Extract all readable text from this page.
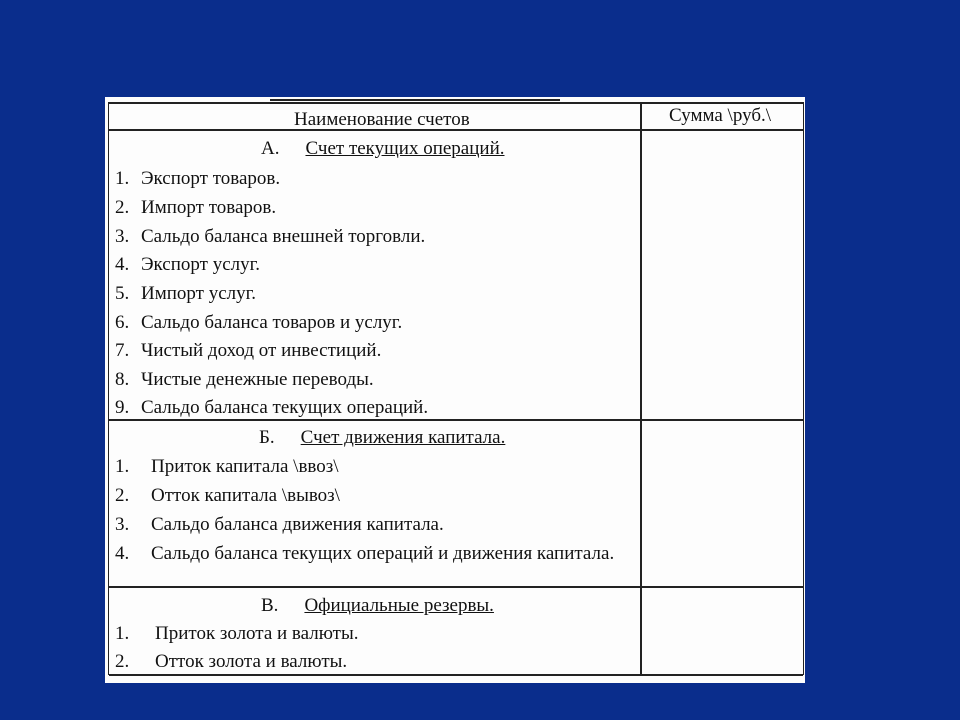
Наименование счетов	Сумма \руб.\
А. Счет текущих операций.
1. Экспорт товаров.
2. Импорт товаров.
3. Сальдо баланса внешней торговли.
4. Экспорт услуг.
5. Импорт услуг.
6. Сальдо баланса товаров и услуг.
7. Чистый доход от инвестиций.
8. Чистые денежные переводы.
9. Сальдо баланса текущих операций.
Б. Счет движения капитала.
1. Приток капитала \ввоз\
2. Отток капитала \вывоз\
3. Сальдо баланса движения капитала.
4. Сальдо баланса текущих операций и движения капитала.
В. Официальные резервы.
1. Приток золота и валюты.
2. Отток золота и валюты.
